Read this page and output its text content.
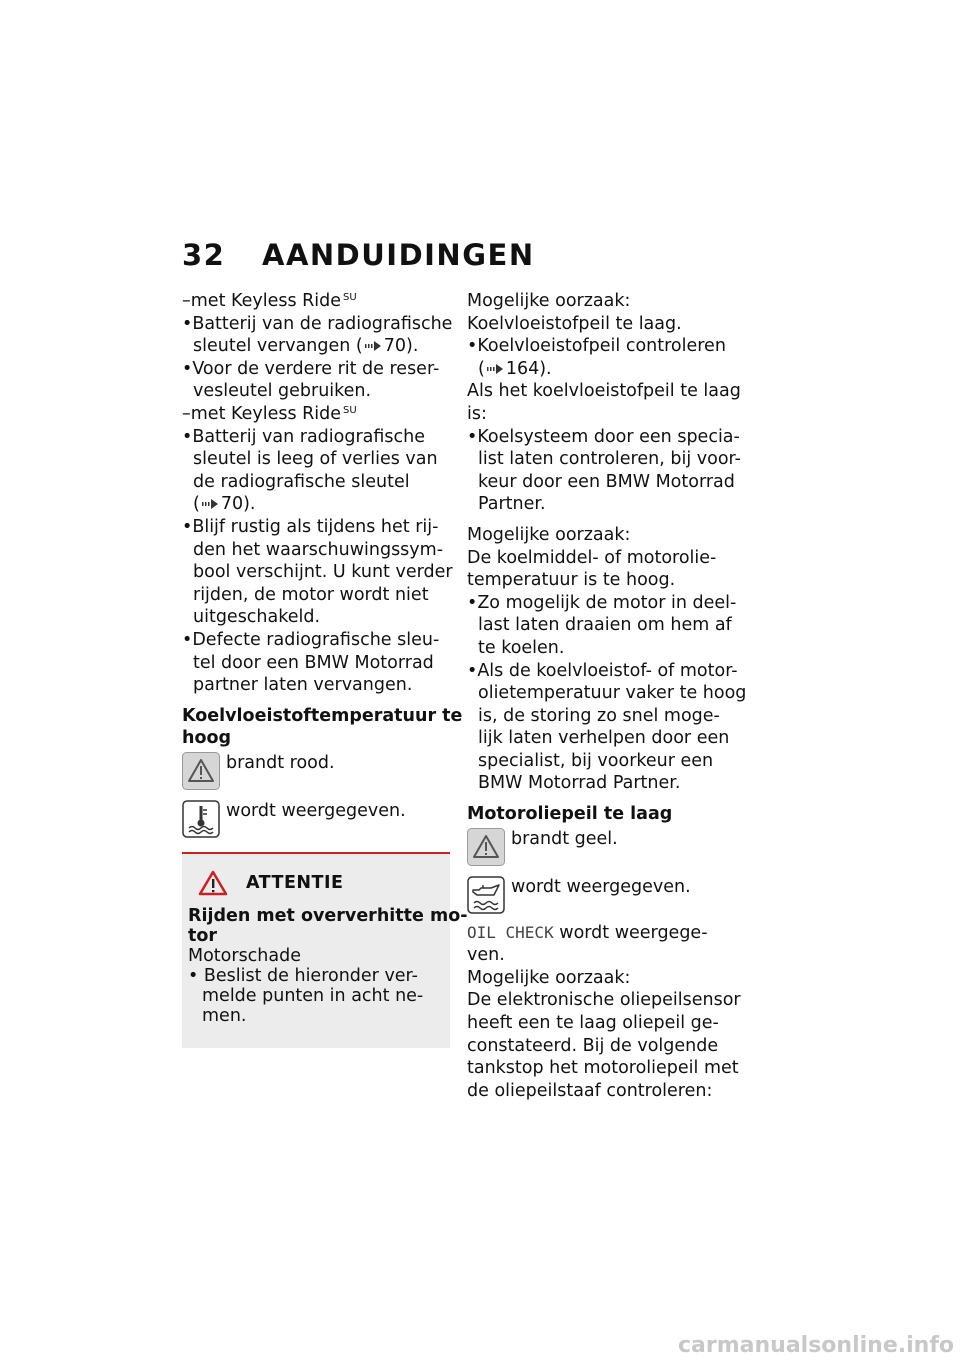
32 AANDUIDINGEN
–met Keyless Ride $^{SU}$
•Batterij van de radiografische
sleutel vervangen ( 70).
•Voor de verdere rit de reser-
vesleutel gebruiken.
–met Keyless Ride $^{SU}$
•Batterij van radiografische
sleutel is leeg of verlies van
de radiografische sleutel
( 70).
•Blijf rustig als tijdens het rij-
den het waarschuwingssym-
bool verschijnt. U kunt verder
rijden, de motor wordt niet
uitgeschakeld.
•Defecte radiografische sleu-
tel door een BMW Motorrad
partner laten vervangen.
Koelvloeistoftemperatuur te
hoog
brandt rood.
wordt weergegeven.
ATTENTIE
Rijden met oververhitte mo-
tor
Motorschade
• Beslist de hieronder ver-
melde punten in acht ne-
men.
Mogelijke oorzaak:
Koelvloeistofpeil te laag.
•Koelvloeistofpeil controleren
( 164).
Als het koelvloeistofpeil te laag
is:
•Koelsysteem door een specia-
list laten controleren, bij voor-
keur door een BMW Motorrad
Partner.
Mogelijke oorzaak:
De koelmiddel- of motorolie-
temperatuur is te hoog.
•Zo mogelijk de motor in deel-
last laten draaien om hem af
te koelen.
•Als de koelvloeistof- of motor-
olietemperatuur vaker te hoog
is, de storing zo snel moge-
lijk laten verhelpen door een
specialist, bij voorkeur een
BMW Motorrad Partner.
Motoroliepeil te laag
brandt geel.
wordt weergegeven.
OIL CHECK wordt weergege-
ven.
Mogelijke oorzaak:
De elektronische oliepeilsensor
heeft een te laag oliepeil ge-
constateerd. Bij de volgende
tankstop het motoroliepeil met
de oliepeilstaaf controleren:
carmanualsonline.info
